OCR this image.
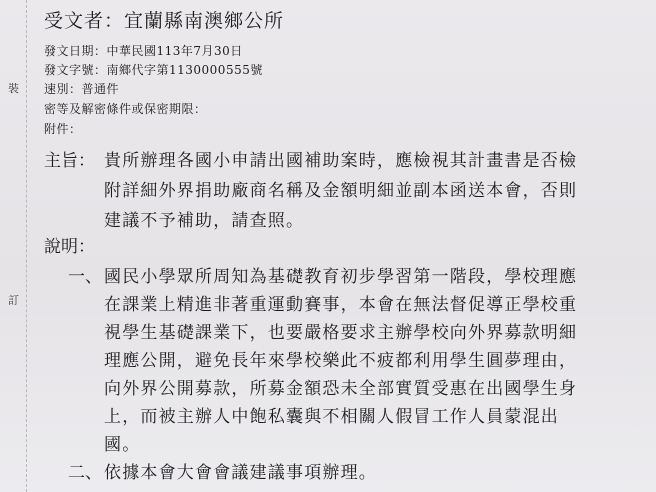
裝
訂
受文者：宜蘭縣南澳鄉公所
發文日期：中華民國113年7月30日
發文字號：南鄉代字第1130000555號
速別：普通件
密等及解密條件或保密期限：
附件：
主旨： 貴所辦理各國小申請出國補助案時，應檢視其計畫書是否檢
附詳細外界捐助廠商名稱及金額明細並副本函送本會，否則
建議不予補助，請查照。
說明：
一、 國民小學眾所周知為基礎教育初步學習第一階段，學校理應
在課業上精進非著重運動賽事，本會在無法督促導正學校重
視學生基礎課業下，也要嚴格要求主辦學校向外界募款明細
理應公開，避免長年來學校樂此不疲都利用學生圓夢理由，
向外界公開募款，所募金額恐未全部實質受惠在出國學生身
上，而被主辦人中飽私囊與不相關人假冒工作人員蒙混出
國。
二、 依據本會大會會議建議事項辦理。
